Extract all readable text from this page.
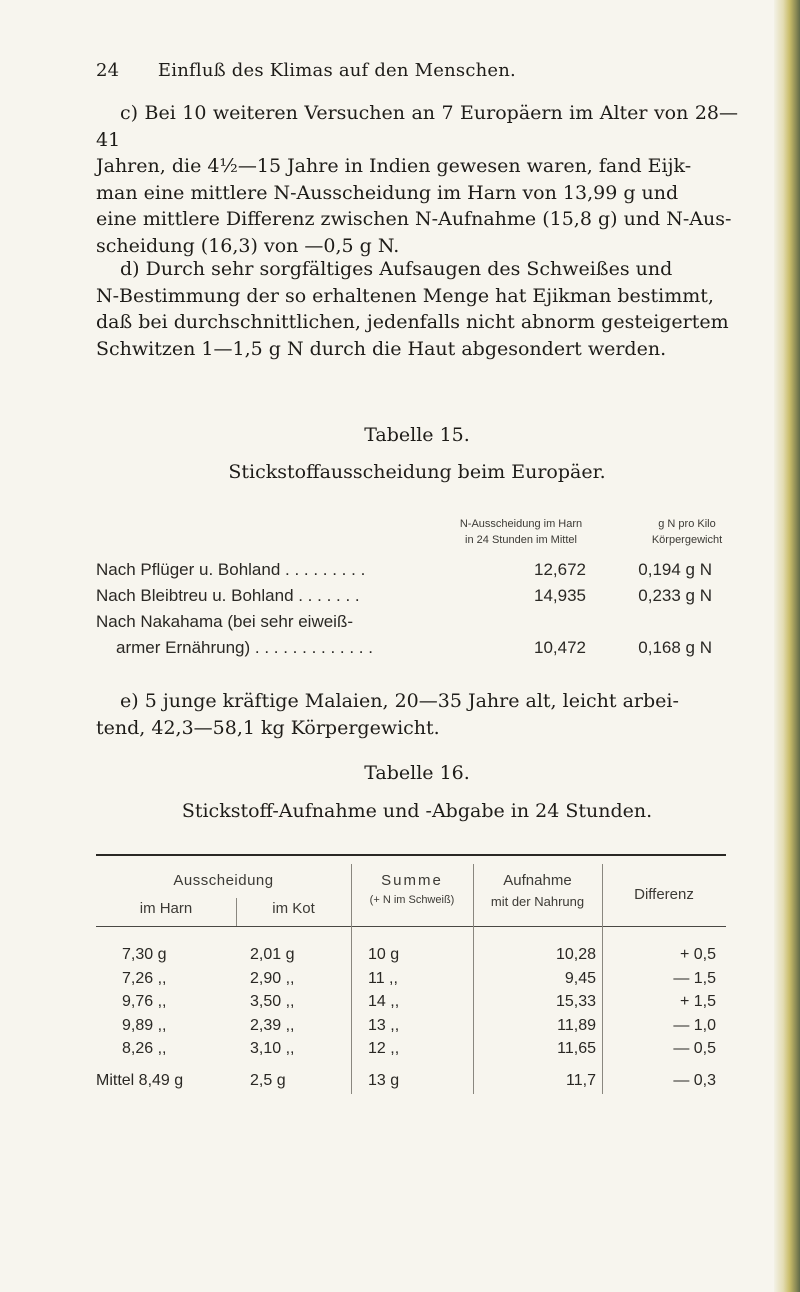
24 Einfluß des Klimas auf den Menschen.
c) Bei 10 weiteren Versuchen an 7 Europäern im Alter von 28—41
Jahren, die 4½—15 Jahre in Indien gewesen waren, fand Eijk-
man eine mittlere N-Ausscheidung im Harn von 13,99 g und
eine mittlere Differenz zwischen N-Aufnahme (15,8 g) und N-Aus-
scheidung (16,3) von —0,5 g N.
d) Durch sehr sorgfältiges Aufsaugen des Schweißes und
N-Bestimmung der so erhaltenen Menge hat Ejikman bestimmt,
daß bei durchschnittlichen, jedenfalls nicht abnorm gesteigertem
Schwitzen 1—1,5 g N durch die Haut abgesondert werden.
Tabelle 15.
Stickstoffausscheidung beim Europäer.
N-Ausscheidung im Harn
in 24 Stunden im Mittel
g N pro Kilo
Körpergewicht
Nach Pflüger u. Bohland . . . . . . . . .	12,672	0,194 g N
Nach Bleibtreu u. Bohland . . . . . . .	14,935	0,233 g N
Nach Nakahama (bei sehr eiweiß-
armer Ernährung) . . . . . . . . . . . . .	10,472	0,168 g N
e) 5 junge kräftige Malaien, 20—35 Jahre alt, leicht arbei-
tend, 42,3—58,1 kg Körpergewicht.
Tabelle 16.
Stickstoff-Aufnahme und -Abgabe in 24 Stunden.
Ausscheidung
im Harn	im Kot
Summe
(+ N im Schweiß)
Aufnahme
mit der Nahrung	Differenz
7,30 g	2,01 g	10 g	10,28	+ 0,5
7,26 ,,	2,90 ,,	11 ,,	9,45	— 1,5
9,76 ,,	3,50 ,,	14 ,,	15,33	+ 1,5
9,89 ,,	2,39 ,,	13 ,,	11,89	— 1,0
8,26 ,,	3,10 ,,	12 ,,	11,65	— 0,5
Mittel 8,49 g	2,5 g	13 g	11,7	— 0,3
